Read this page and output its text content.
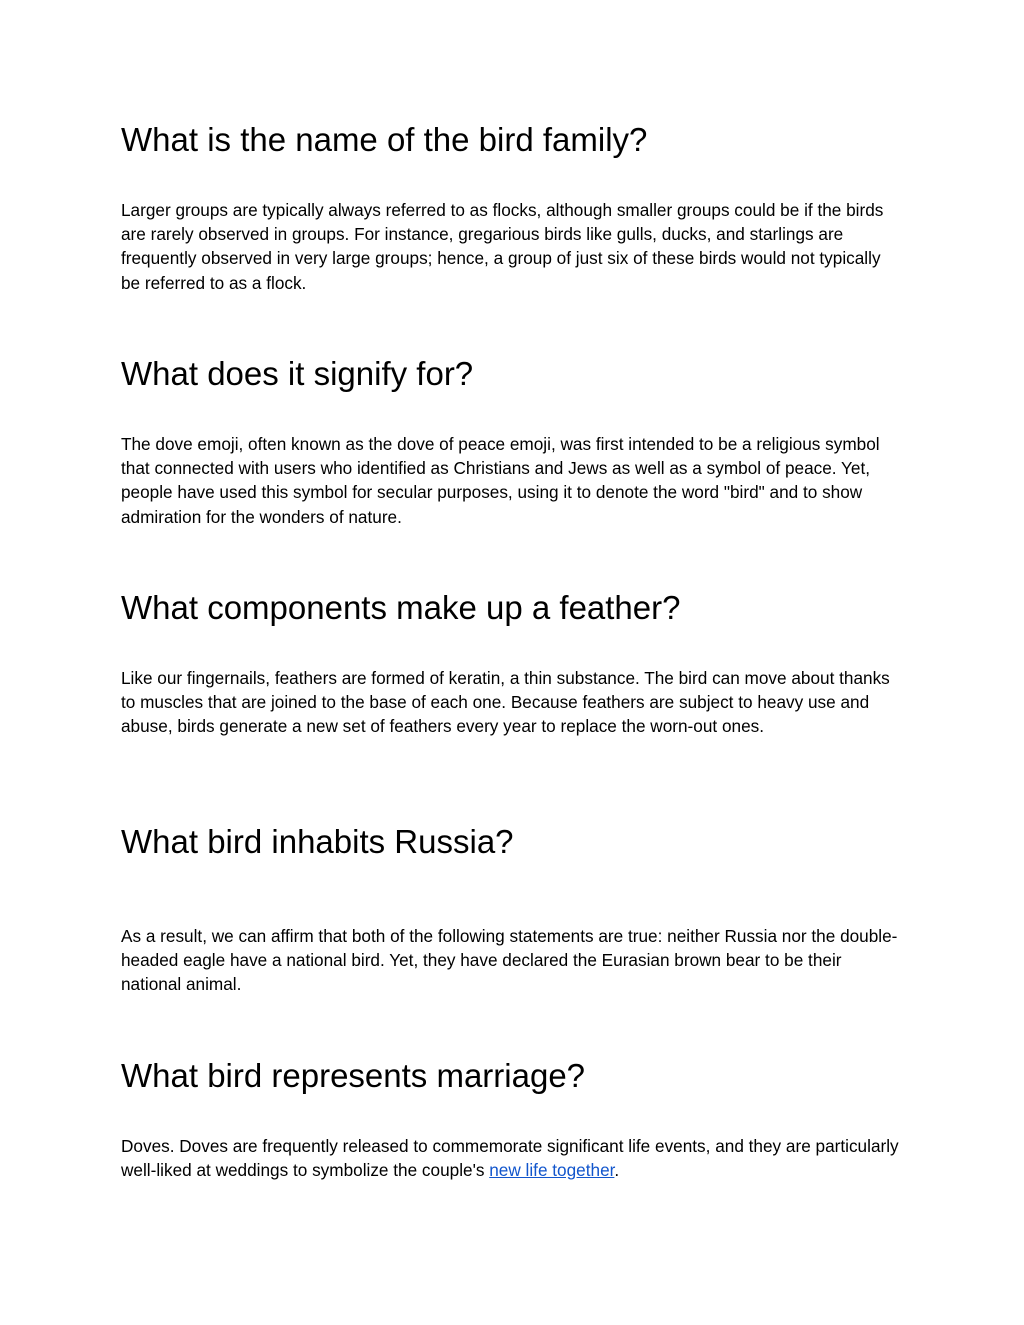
What is the name of the bird family?

Larger groups are typically always referred to as flocks, although smaller groups could be if the birds are rarely observed in groups. For instance, gregarious birds like gulls, ducks, and starlings are frequently observed in very large groups; hence, a group of just six of these birds would not typically be referred to as a flock.

What does it signify for?

The dove emoji, often known as the dove of peace emoji, was first intended to be a religious symbol that connected with users who identified as Christians and Jews as well as a symbol of peace. Yet, people have used this symbol for secular purposes, using it to denote the word "bird" and to show admiration for the wonders of nature.

What components make up a feather?

Like our fingernails, feathers are formed of keratin, a thin substance. The bird can move about thanks to muscles that are joined to the base of each one. Because feathers are subject to heavy use and abuse, birds generate a new set of feathers every year to replace the worn-out ones.

What bird inhabits Russia?

As a result, we can affirm that both of the following statements are true: neither Russia nor the double-headed eagle have a national bird. Yet, they have declared the Eurasian brown bear to be their national animal.

What bird represents marriage?

Doves. Doves are frequently released to commemorate significant life events, and they are particularly well-liked at weddings to symbolize the couple's new life together.
